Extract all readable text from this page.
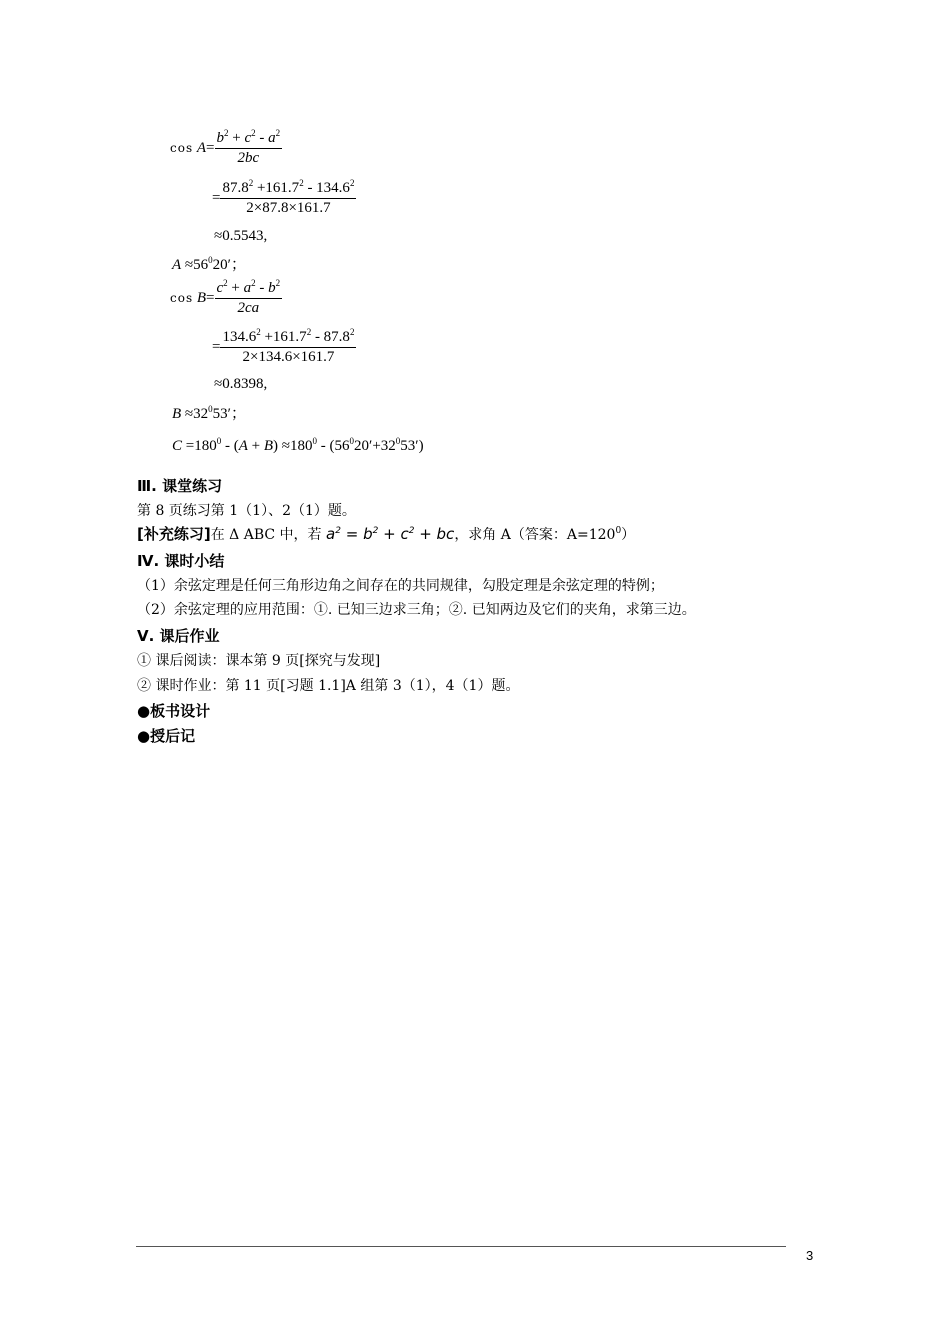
$\cos A= \frac{b^2 + c^2 - a^2}{2bc}$
= $\frac{87.8^2 +161.7^2 - 134.6^2}{2\times 87.8\times 161.7}$
≈0.5543,
$A \approx 56^020'$；
$\cos B= \frac{c^2 + a^2 - b^2}{2ca}$
= $\frac{134.6^2 +161.7^2 - 87.8^2}{2\times 134.6\times 161.7}$
≈0.8398,
$B \approx 32^053'$；
$C =180^0 - (A + B) \approx 180^0 - (56^020'+32^053')$
Ⅲ. 课堂练习
第 8 页练习第 1（1）、2（1）题。
[补充练习]在 Δ ABC 中，若 $a^2 = b^2 + c^2$ + bc，求角 A（答案：$A=120^0$）
Ⅳ. 课时小结
（1）余弦定理是任何三角形边角之间存在的共同规律，勾股定理是余弦定理的特例；
（2）余弦定理的应用范围：①. 已知三边求三角；②. 已知两边及它们的夹角，求第三边。
Ⅴ. 课后作业
① 课后阅读：课本第 9 页[探究与发现]
② 课时作业：第 11 页[习题 1.1]A 组第 3（1），4（1）题。
●板书设计
●授后记
3
